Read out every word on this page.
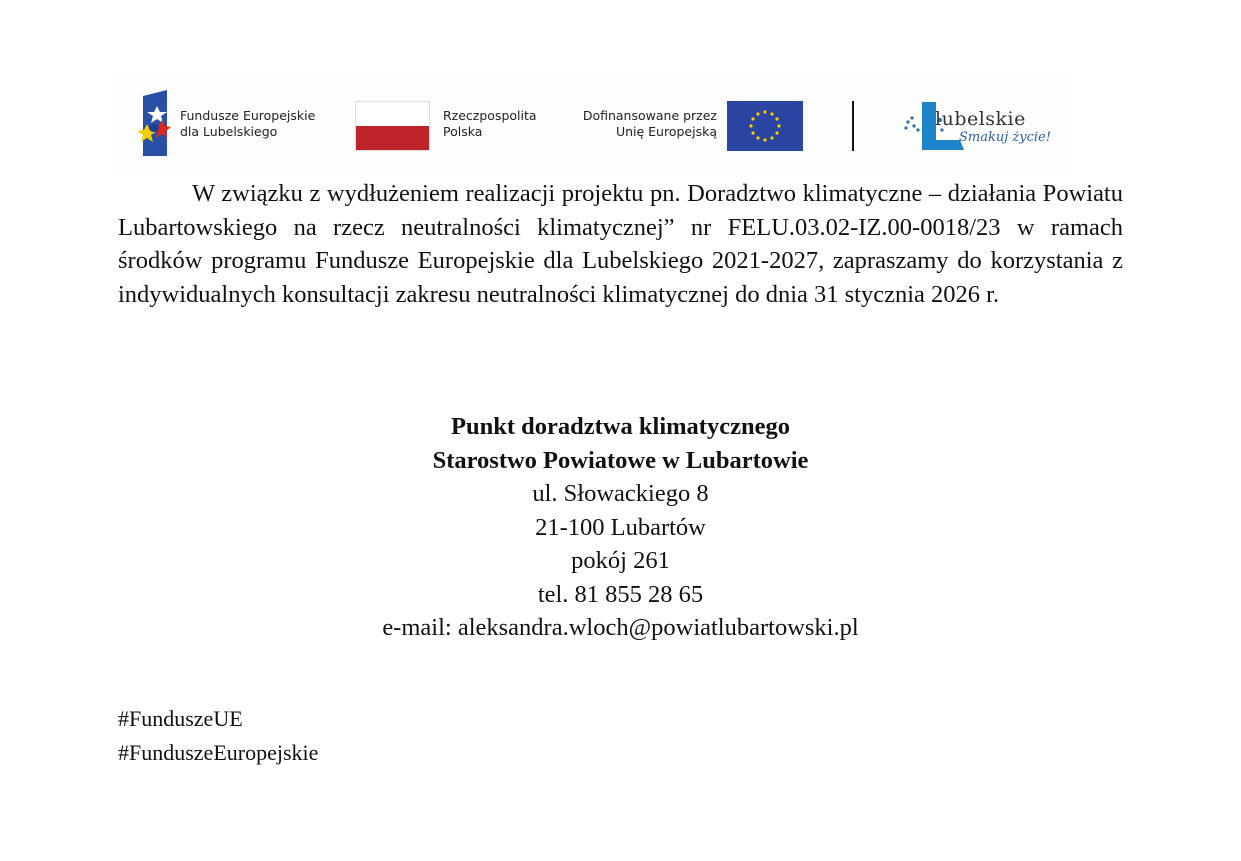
Fundusze Europejskie
dla Lubelskiego
Rzeczpospolita
Polska
Dofinansowane przez
Unię Europejską
lubelskie
Smakuj życie!

W związku z wydłużeniem realizacji projektu pn. Doradztwo klimatyczne – działania Powiatu Lubartowskiego na rzecz neutralności klimatycznej” nr FELU.03.02-IZ.00-0018/23 w ramach środków programu Fundusze Europejskie dla Lubelskiego 2021-2027, zapraszamy do korzystania z indywidualnych konsultacji zakresu neutralności klimatycznej do dnia 31 stycznia 2026 r.

Punkt doradztwa klimatycznego
Starostwo Powiatowe w Lubartowie
ul. Słowackiego 8
21-100 Lubartów
pokój 261
tel. 81 855 28 65
e-mail: aleksandra.wloch@powiatlubartowski.pl
#FunduszeUE
#FunduszeEuropejskie
